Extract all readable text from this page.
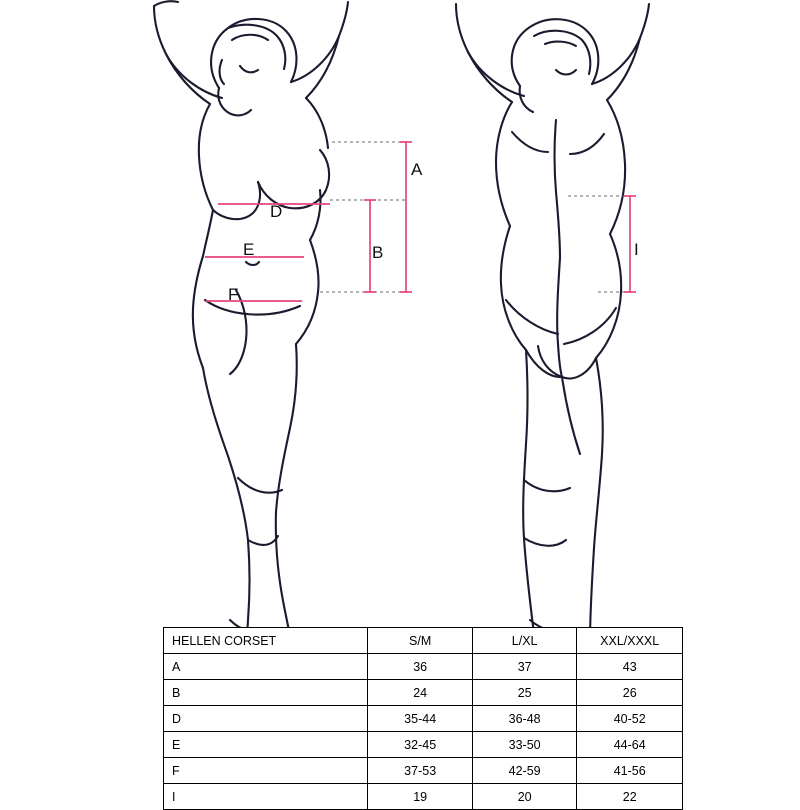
A
D
B
E
F
I
HELLEN CORSET	S/M	L/XL	XXL/XXXL
A	36	37	43
B	24	25	26
D	35-44	36-48	40-52
E	32-45	33-50	44-64
F	37-53	42-59	41-56
I	19	20	22
